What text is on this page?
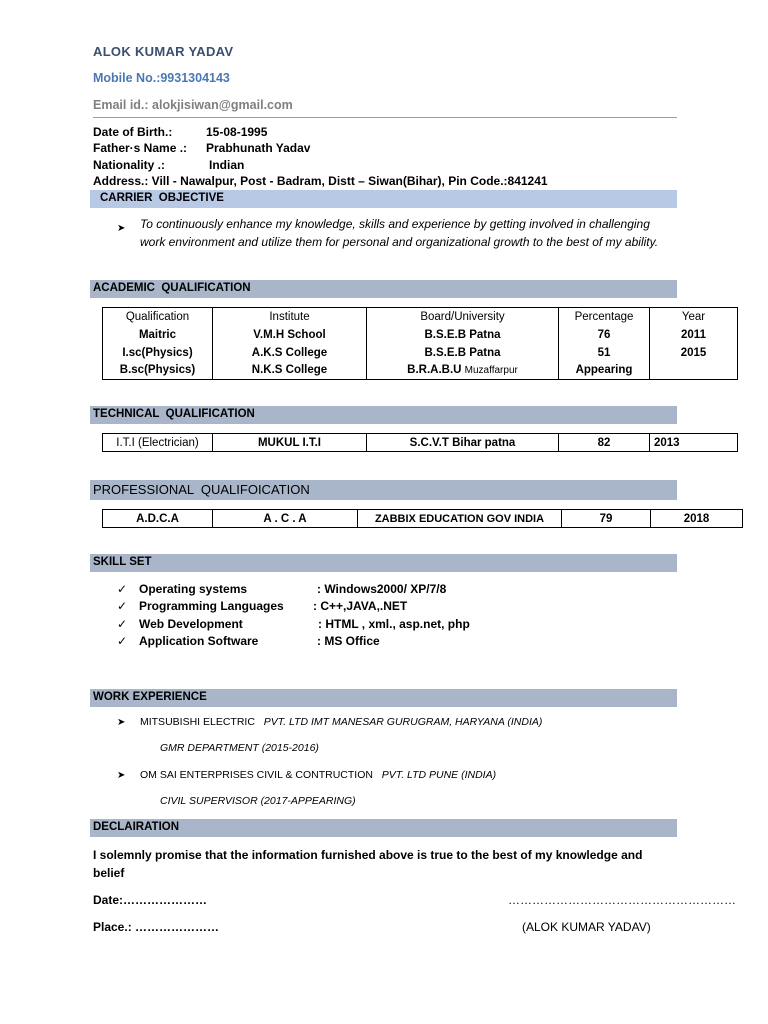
ALOK KUMAR YADAV
Mobile No.:9931304143
Email id.: alokjisiwan@gmail.com
Date of Birth.:	15-08-1995
Father·s Name .: Prabhunath Yadav
Nationality .:	Indian
Address.: Vill - Nawalpur, Post - Badram, Distt – Siwan(Bihar), Pin Code.:841241
CARRIER  OBJECTIVE
➤ To continuously enhance my knowledge, skills and experience by getting involved in challenging work environment and utilize them for personal and organizational growth to the best of my ability.
ACADEMIC  QUALIFICATION
Qualification	Institute	Board/University	Percentage	Year
Maitric	V.M.H School	B.S.E.B Patna	76	2011
I.sc(Physics)	A.K.S College	B.S.E.B Patna	51	2015
B.sc(Physics)	N.K.S College	B.R.A.B.U Muzaffarpur	Appearing	
TECHNICAL  QUALIFICATION
I.T.I (Electrician)	MUKUL I.T.I	S.C.V.T Bihar patna	82	2013
PROFESSIONAL  QUALIFOICATION
A.D.C.A	A . C . A	ZABBIX EDUCATION GOV INDIA	79	2018
SKILL SET
✓ Operating systems	: Windows2000/ XP/7/8
✓ Programming Languages : C++,JAVA,.NET
✓ Web Development	: HTML , xml., asp.net, php
✓ Application Software	: MS Office
WORK EXPERIENCE
➤ MITSUBISHI ELECTRIC PVT. LTD IMT MANESAR GURUGRAM, HARYANA (INDIA)
GMR DEPARTMENT (2015-2016)
➤ OM SAI ENTERPRISES CIVIL & CONTRUCTION PVT. LTD PUNE (INDIA)
CIVIL SUPERVISOR (2017-APPEARING)
DECLAIRATION
I solemnly promise that the information furnished above is true to the best of my knowledge and belief
Date:…………………	…………………………………………………
Place.: …………………	(ALOK KUMAR YADAV)
